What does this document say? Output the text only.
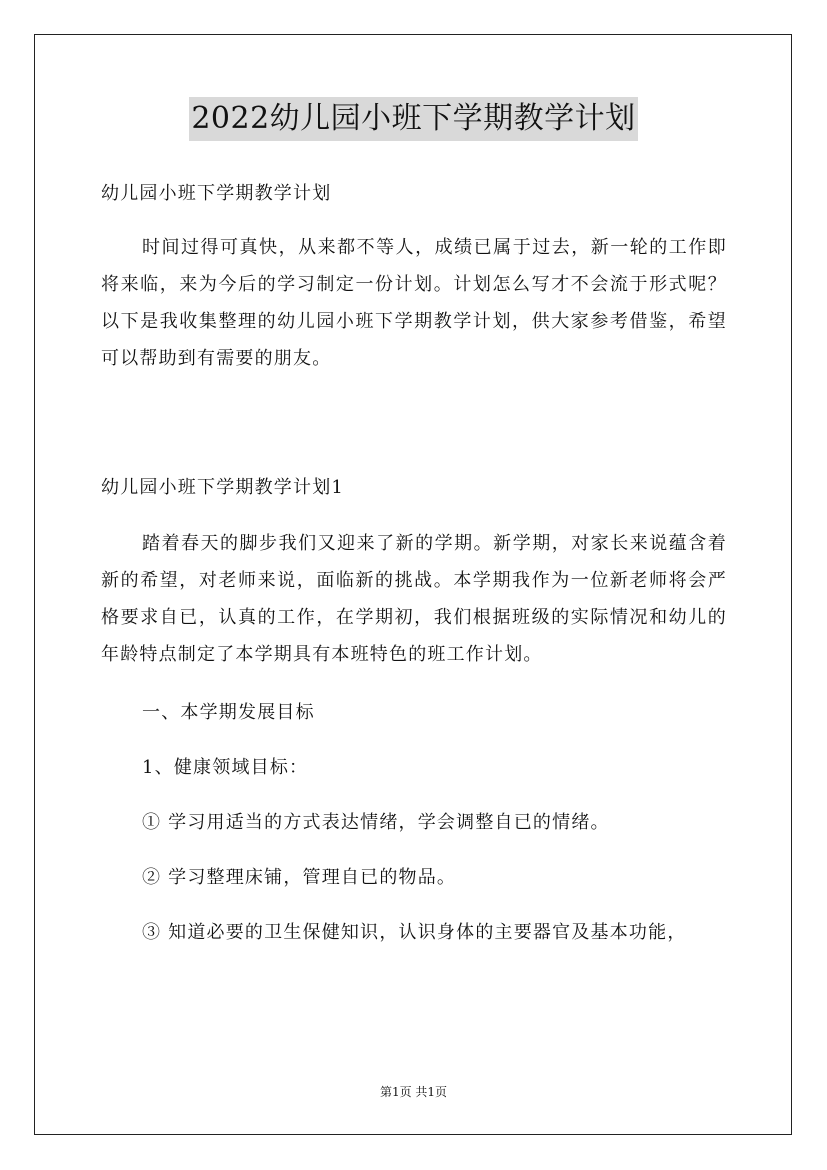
2022幼儿园小班下学期教学计划
幼儿园小班下学期教学计划

时间过得可真快，从来都不等人，成绩已属于过去，新一轮的工作即将来临，来为今后的学习制定一份计划。计划怎么写才不会流于形式呢？以下是我收集整理的幼儿园小班下学期教学计划，供大家参考借鉴，希望可以帮助到有需要的朋友。

幼儿园小班下学期教学计划1

踏着春天的脚步我们又迎来了新的学期。新学期，对家长来说蕴含着新的希望，对老师来说，面临新的挑战。本学期我作为一位新老师将会严格要求自已，认真的工作，在学期初，我们根据班级的实际情况和幼儿的年龄特点制定了本学期具有本班特色的班工作计划。

一、本学期发展目标
1、健康领域目标：
① 学习用适当的方式表达情绪，学会调整自已的情绪。
② 学习整理床铺，管理自已的物品。
③ 知道必要的卫生保健知识，认识身体的主要器官及基本功能，
第1页 共1页
